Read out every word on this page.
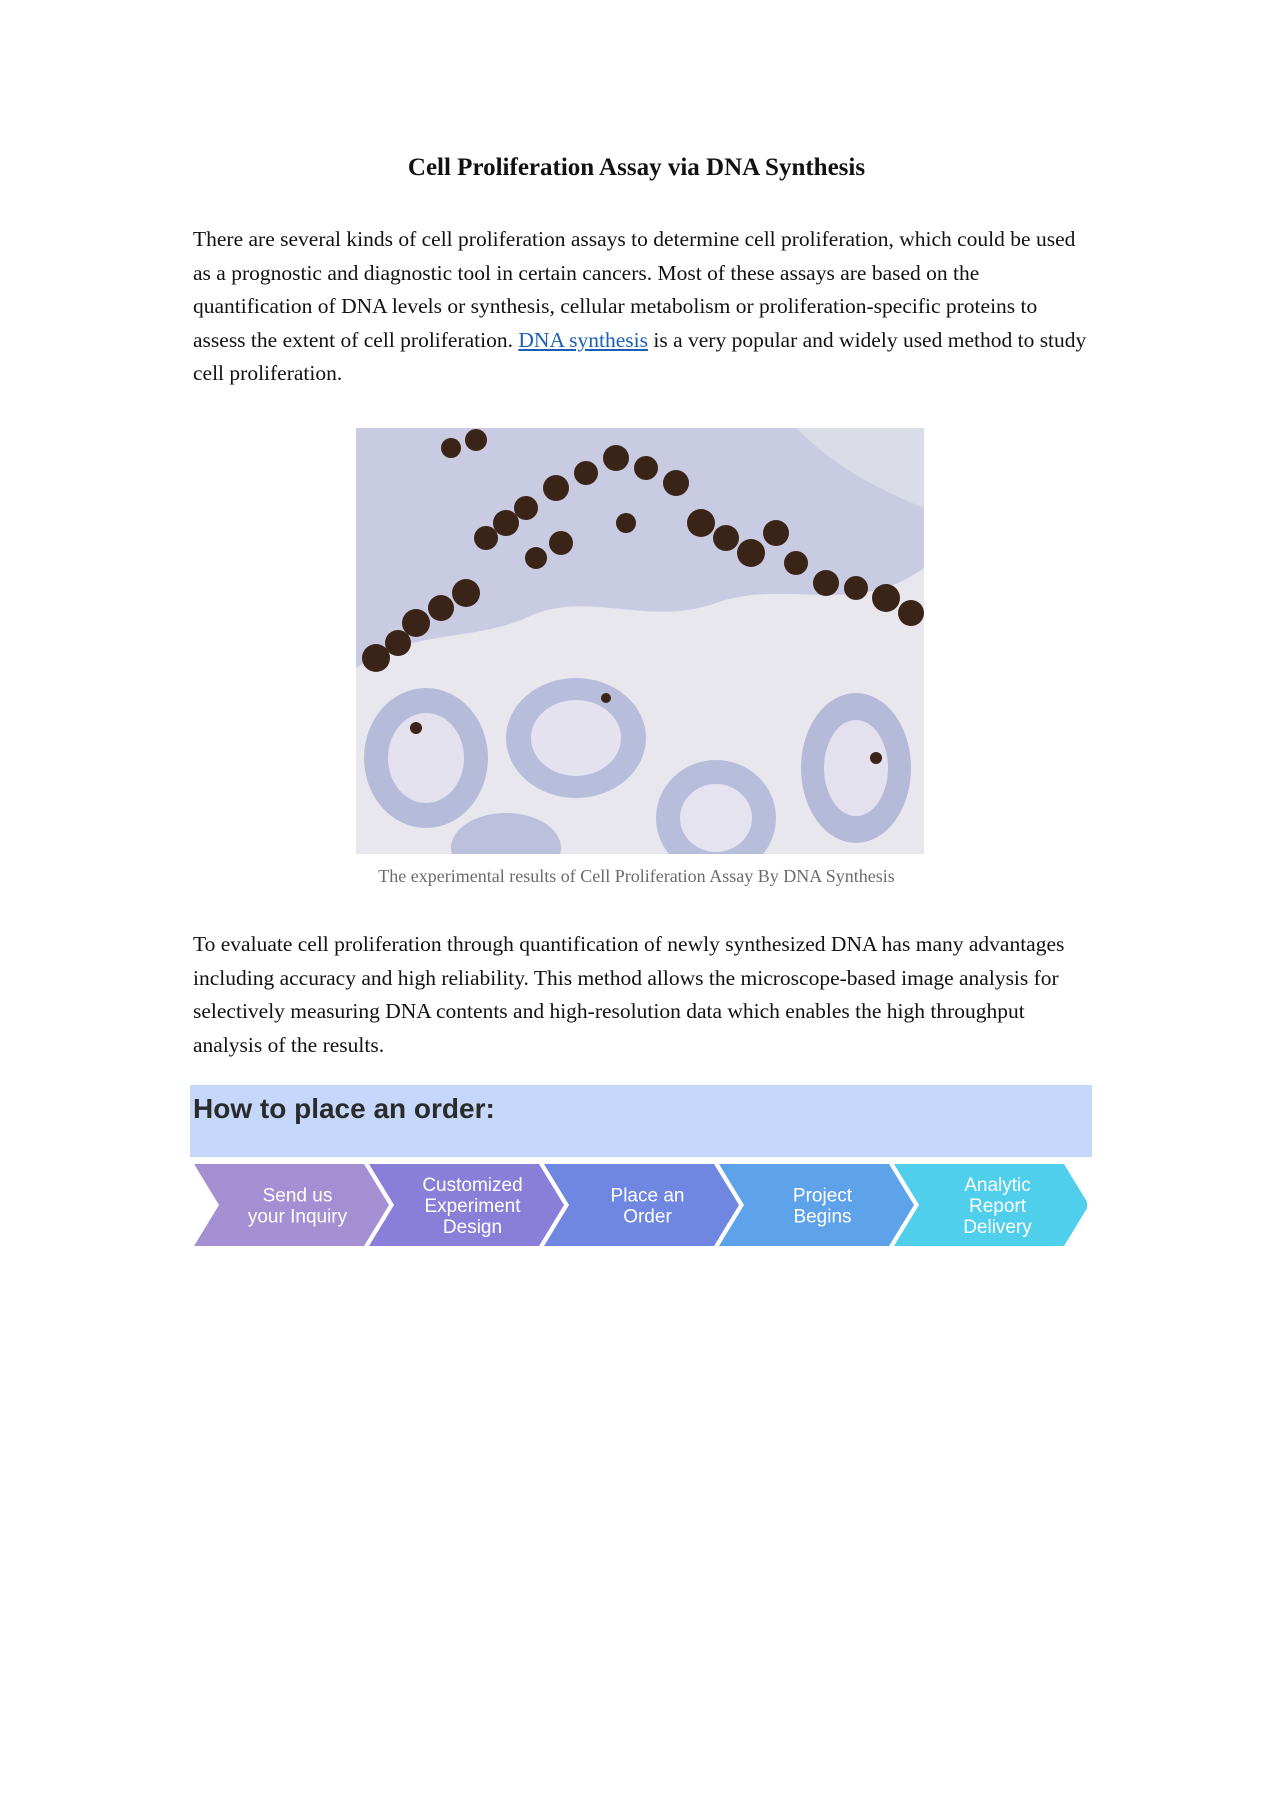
Cell Proliferation Assay via DNA Synthesis
There are several kinds of cell proliferation assays to determine cell proliferation, which could be used as a prognostic and diagnostic tool in certain cancers. Most of these assays are based on the quantification of DNA levels or synthesis, cellular metabolism or proliferation-specific proteins to assess the extent of cell proliferation. DNA synthesis is a very popular and widely used method to study cell proliferation.
The experimental results of Cell Proliferation Assay By DNA Synthesis
To evaluate cell proliferation through quantification of newly synthesized DNA has many advantages including accuracy and high reliability. This method allows the microscope-based image analysis for selectively measuring DNA contents and high-resolution data which enables the high throughput analysis of the results.
How to place an order:
Send us
your Inquiry
Customized
Experiment
Design
Place an
Order
Project
Begins
Analytic
Report
Delivery
